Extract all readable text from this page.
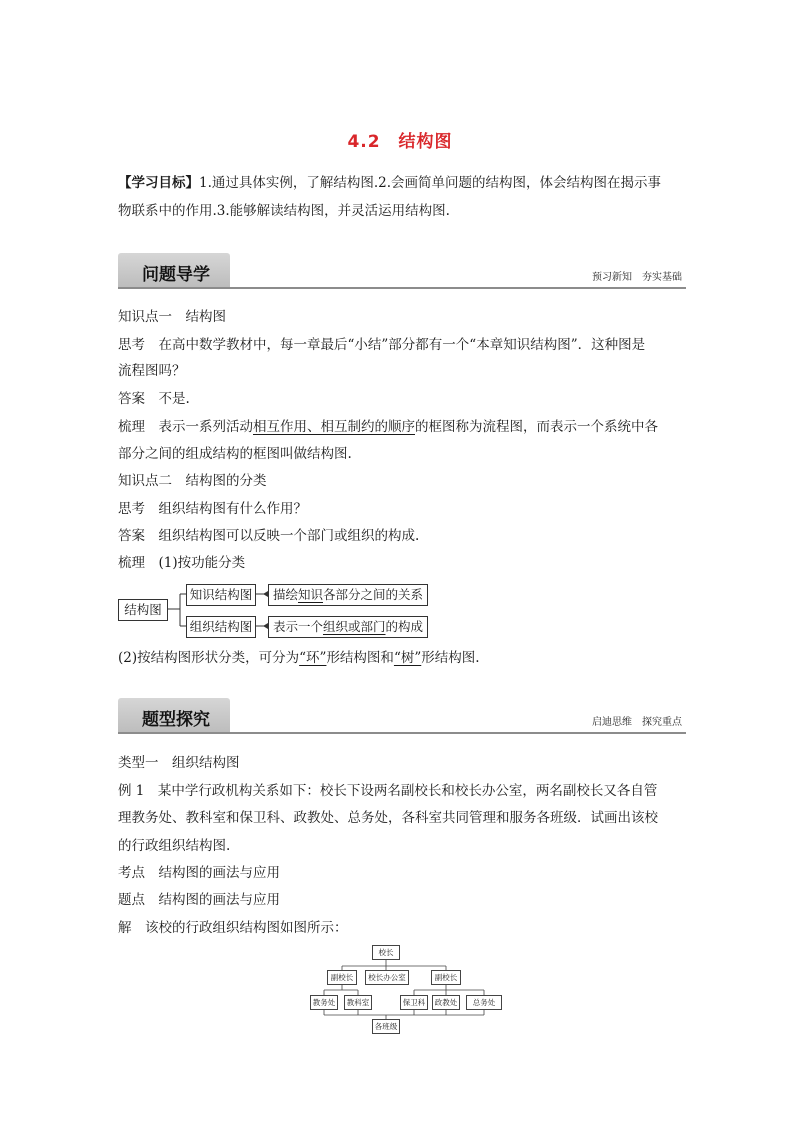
4.2　结构图
【学习目标】1.通过具体实例，了解结构图.2.会画简单问题的结构图，体会结构图在揭示事
物联系中的作用.3.能够解读结构图，并灵活运用结构图.
问题导学	预习新知　夯实基础
知识点一　结构图
思考　在高中数学教材中，每一章最后“小结”部分都有一个“本章知识结构图”．这种图是
流程图吗？
答案　不是.
梳理　表示一系列活动相互作用、相互制约的顺序的框图称为流程图，而表示一个系统中各
部分之间的组成结构的框图叫做结构图.
知识点二　结构图的分类
思考　组织结构图有什么作用？
答案　组织结构图可以反映一个部门或组织的构成.
梳理　(1)按功能分类
结构图
知识结构图	描绘知识各部分之间的关系
组织结构图	表示一个组织或部门的构成
(2)按结构图形状分类，可分为“环”形结构图和“树”形结构图.
题型探究	启迪思维　探究重点
类型一　组织结构图
例 1　某中学行政机构关系如下：校长下设两名副校长和校长办公室，两名副校长又各自管
理教务处、教科室和保卫科、政教处、总务处，各科室共同管理和服务各班级．试画出该校
的行政组织结构图.
考点　结构图的画法与应用
题点　结构图的画法与应用
解　该校的行政组织结构图如图所示：
校长
副校长	校长办公室	副校长
教务处	教科室	保卫科	政教处	总务处
各班级
